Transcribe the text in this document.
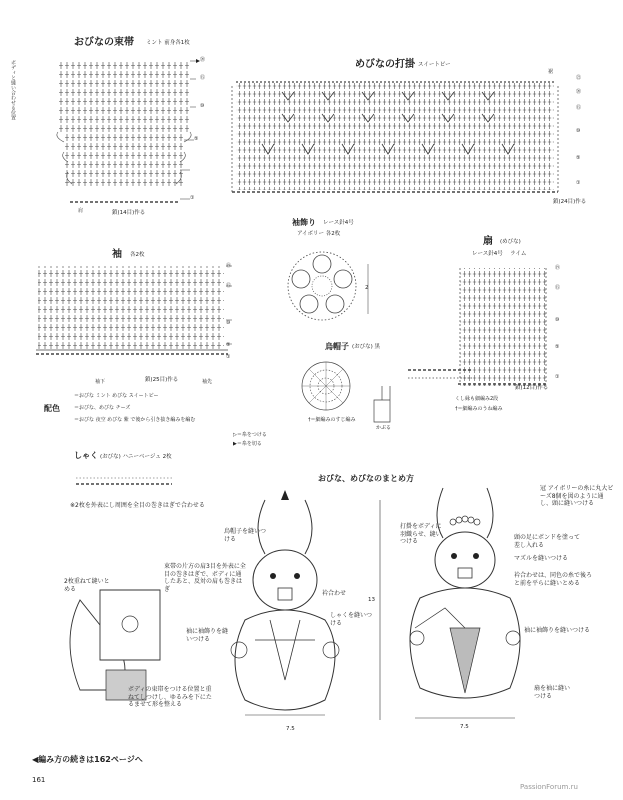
おびなの束帯 ミント 前身各1枚
ボディと縫い合わせる位置	⑳
⑮
⑩
⑤
①
鎖(14目)作る
肩
めびなの打掛 スイートピー
裾
㉒
⑳
⑮
⑩
⑤
①
鎖(24目)作る
袖飾り レース針4号
アイボリー 各2枚
2
烏帽子 (おびな) 黒
†＝細編みのすじ編み
かぶる
扇 (めびな)
レース針4号 ライム
⑲
⑮
⑩
⑤
①
鎖(12目)作る
くし縁も細編み2段
†＝細編みのうね編み
袖 各2枚
⑲
⑮
⑩
⑤
①
袖下	鎖(25目)作る	袖先
配色
＝おびな ミント めびな スイートピー
＝おびな、めびな チーズ
＝おびな 夜空 めびな 紫 で後から引き抜き編みを編む
▷＝糸をつける
▶＝糸を切る
しゃく (おびな) ハニーベージュ 2枚
※2枚を外表にし周囲を全目の巻きはぎで合わせる
おびな、めびなのまとめ方
2枚重ねて縫いとめる
ボディの束帯をつける位置と重ねてしつけし、ゆるみを下にたるませて形を整える
烏帽子を縫いつける
束帯の片方の肩3目を外表に全目の巻きはぎで、ボディに通したあと、反対の肩も巻きはぎ
衿合わせ
しゃくを縫いつける
袖に袖飾りを縫いつける
7.5
13
冠 アイボリーの糸に丸大ビーズ8個を図のように通し、頭に縫いつける
打掛をボディに羽織らせ、縫いつける
頭の足にボンドを塗って差し入れる
マズルを縫いつける
衿合わせは、同色の糸で後ろと前を平らに縫いとめる
袖に袖飾りを縫いつける
扇を袖に縫いつける
7.5
◀編み方の続きは162ページへ
161
PassionForum.ru
